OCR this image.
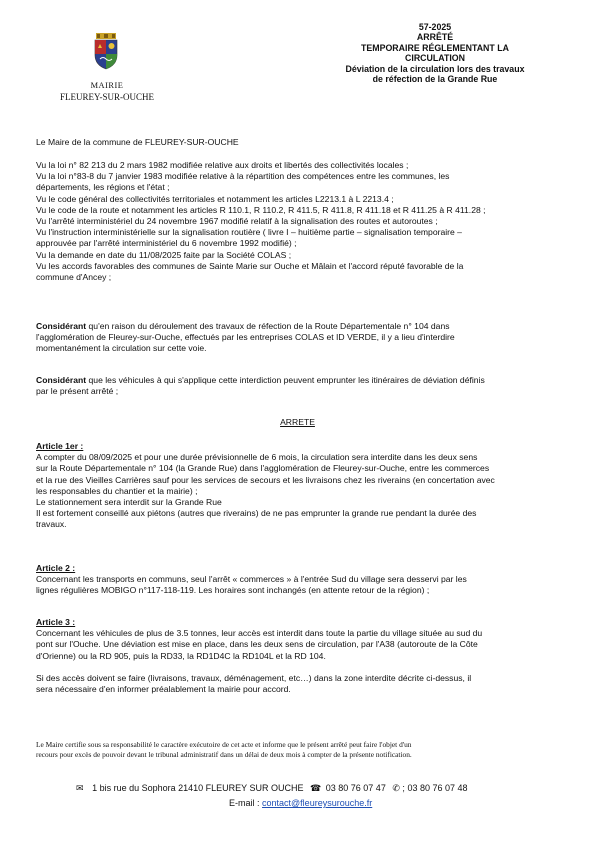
MAIRIE
FLEUREY-SUR-OUCHE
57-2025
ARRÊTÉ
TEMPORAIRE RÉGLEMENTANT LA
CIRCULATION
Déviation de la circulation lors des travaux
de réfection de la Grande Rue
Le Maire de la commune de FLEUREY-SUR-OUCHE
Vu la loi n° 82 213 du 2 mars 1982 modifiée relative aux droits et libertés des collectivités locales ;
Vu la loi n°83-8 du 7 janvier 1983 modifiée relative à la répartition des compétences entre les communes, les
départements, les régions et l'état ;
Vu le code général des collectivités territoriales et notamment les articles L2213.1 à L 2213.4 ;
Vu le code de la route et notamment les articles R 110.1, R 110.2, R 411.5, R 411.8, R 411.18 et R 411.25 à R 411.28 ;
Vu l'arrêté interministériel du 24 novembre 1967 modifié relatif à la signalisation des routes et autoroutes ;
Vu l'instruction interministérielle sur la signalisation routière ( livre I – huitième partie – signalisation temporaire –
approuvée par l'arrêté interministériel du 6 novembre 1992 modifié) ;
Vu la demande en date du 11/08/2025 faite par la Société COLAS ;
Vu les accords favorables des communes de Sainte Marie sur Ouche et Mâlain et l'accord réputé favorable de la
commune d'Ancey ;
Considérant qu'en raison du déroulement des travaux de réfection de la Route Départementale n° 104 dans
l'agglomération de Fleurey-sur-Ouche, effectués par les entreprises COLAS et ID VERDE, il y a lieu d'interdire
momentanément la circulation sur cette voie.
Considérant que les véhicules à qui s'applique cette interdiction peuvent emprunter les itinéraires de déviation définis
par le présent arrêté ;
ARRETE
Article 1er :
A compter du 08/09/2025 et pour une durée prévisionnelle de 6 mois, la circulation sera interdite dans les deux sens
sur la Route Départementale n° 104 (la Grande Rue) dans l'agglomération de Fleurey-sur-Ouche, entre les commerces
et la rue des Vieilles Carrières sauf pour les services de secours et les livraisons chez les riverains (en concertation avec
les responsables du chantier et la mairie) ;
Le stationnement sera interdit sur la Grande Rue
Il est fortement conseillé aux piétons (autres que riverains) de ne pas emprunter la grande rue pendant la durée des
travaux.
Article 2 :
Concernant les transports en communs, seul l'arrêt « commerces » à l'entrée Sud du village sera desservi par les
lignes régulières MOBIGO n°117-118-119. Les horaires sont inchangés (en attente retour de la région) ;
Article 3 :
Concernant les véhicules de plus de 3.5 tonnes, leur accès est interdit dans toute la partie du village située au sud du
pont sur l'Ouche. Une déviation est mise en place, dans les deux sens de circulation, par l'A38 (autoroute de la Côte
d'Orienne) ou la RD 905, puis la RD33, la RD1D4C la RD104L et la RD 104.
Si des accès doivent se faire (livraisons, travaux, déménagement, etc…) dans la zone interdite décrite ci-dessus, il
sera nécessaire d'en informer préalablement la mairie pour accord.
Le Maire certifie sous sa responsabilité le caractère exécutoire de cet acte et informe que le présent arrêté peut faire l'objet d'un
recours pour excès de pouvoir devant le tribunal administratif dans un délai de deux mois à compter de la présente notification.
✉ 1 bis rue du Sophora 21410 FLEUREY SUR OUCHE ☎ 03 80 76 07 47 ✆ ; 03 80 76 07 48
E-mail : contact@fleureysurouche.fr
